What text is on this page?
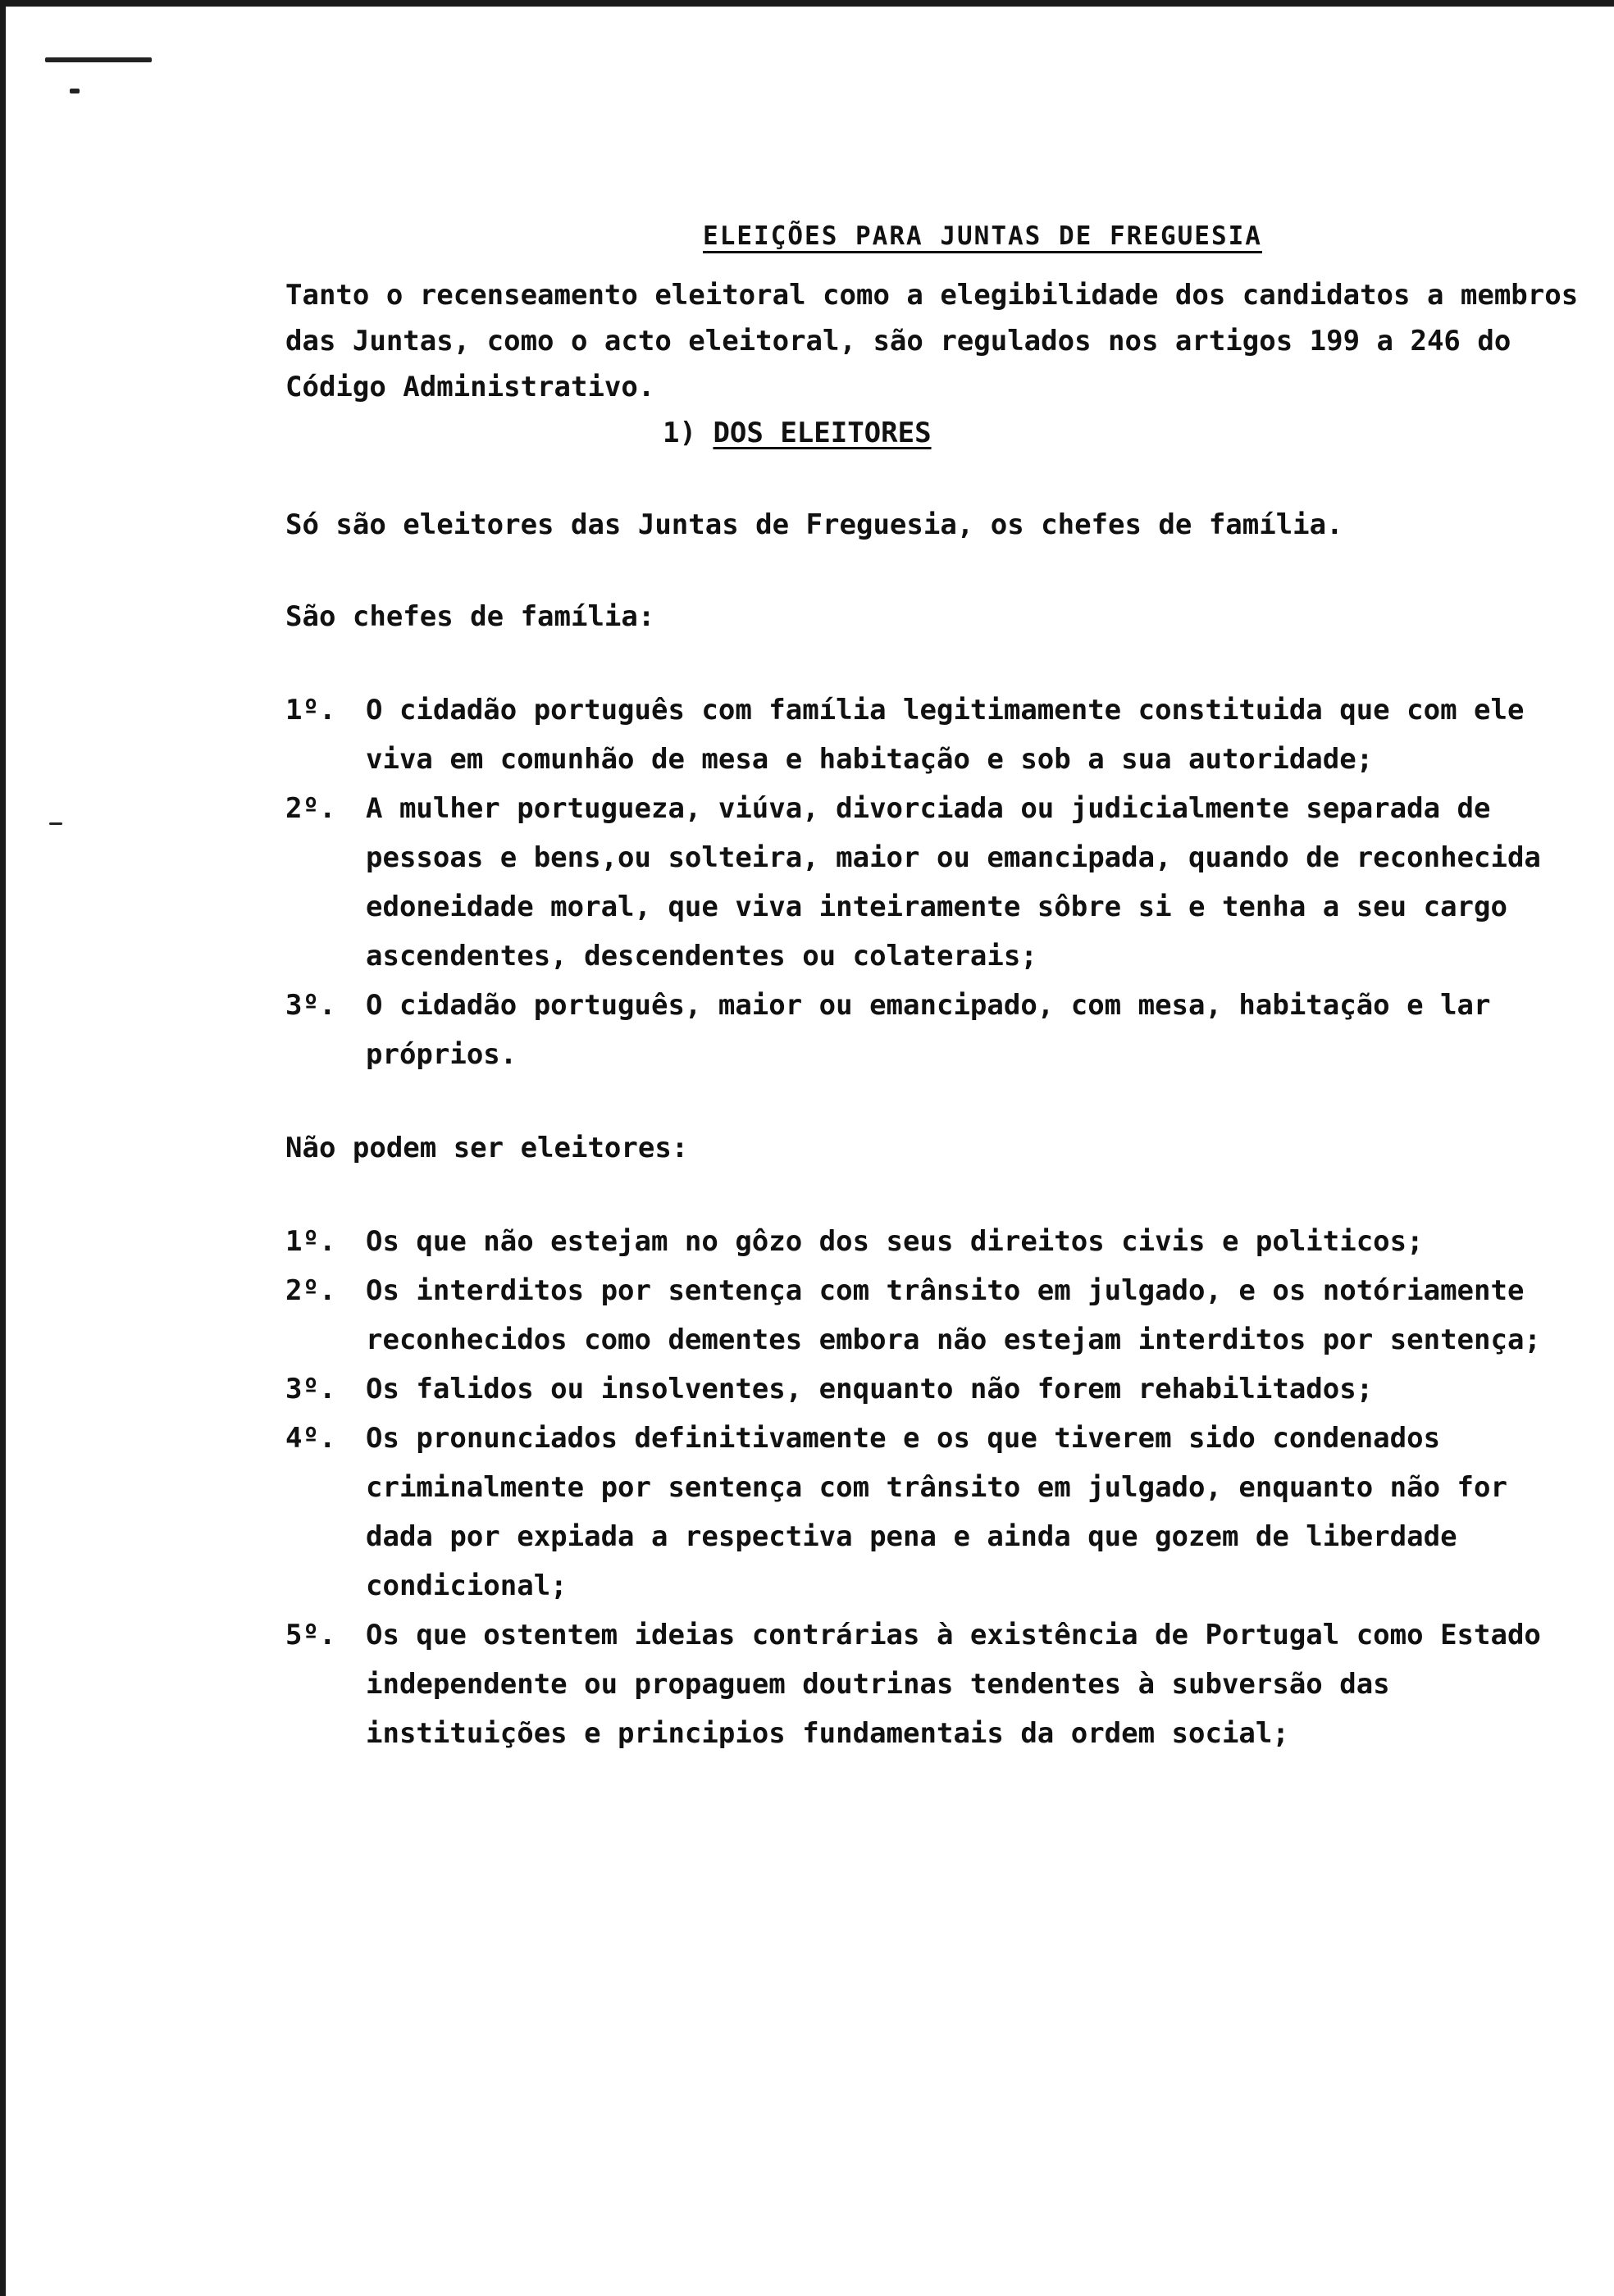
ELEIÇÕES PARA JUNTAS DE FREGUESIA

Tanto o recenseamento eleitoral como a elegibilidade dos candidatos a membros das Juntas, como o acto eleitoral, são regulados nos artigos 199 a 246 do Código Administrativo.

1) DOS ELEITORES

Só são eleitores das Juntas de Freguesia, os chefes de família.

São chefes de família:

1º.	O cidadão português com família legitimamente constituida que com ele viva em comunhão de mesa e habitação e sob a sua autoridade;
2º.	A mulher portugueza, viúva, divorciada ou judicialmente separada de pessoas e bens,ou solteira, maior ou emancipada, quando de reconhecida edoneidade moral, que viva inteiramente sôbre si e tenha a seu cargo ascendentes, descendentes ou colaterais;
3º.	O cidadão português, maior ou emancipado, com mesa, habitação e lar próprios.

Não podem ser eleitores:

1º.	Os que não estejam no gôzo dos seus direitos civis e politicos;
2º.	Os interditos por sentença com trânsito em julgado, e os notóriamente reconhecidos como dementes embora não estejam interditos por sentença;
3º.	Os falidos ou insolventes, enquanto não forem rehabilitados;
4º.	Os pronunciados definitivamente e os que tiverem sido condenados criminalmente por sentença com trânsito em julgado, enquanto não for dada por expiada a respectiva pena e ainda que gozem de liberdade condicional;
5º.	Os que ostentem ideias contrárias à existência de Portugal como Estado independente ou propaguem doutrinas tendentes à subversão das instituições e principios fundamentais da ordem social;
